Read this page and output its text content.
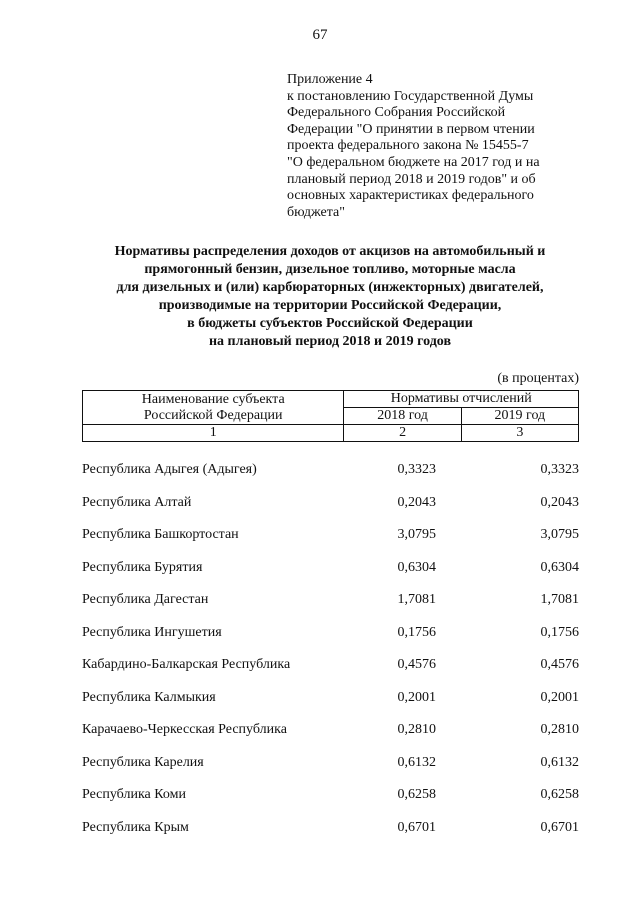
67
Приложение 4
к постановлению Государственной Думы
Федерального Собрания Российской
Федерации "О принятии в первом чтении
проекта федерального закона № 15455-7
"О федеральном бюджете на 2017 год и на
плановый период 2018 и 2019 годов" и об
основных характеристиках федерального
бюджета"
Нормативы распределения доходов от акцизов на автомобильный и
прямогонный бензин, дизельное топливо, моторные масла
для дизельных и (или) карбюраторных (инжекторных) двигателей,
производимые на территории Российской Федерации,
в бюджеты субъектов Российской Федерации
на плановый период 2018 и 2019 годов
(в процентах)
Наименование субъекта
Российской Федерации	Нормативы отчислений	
	2018 год	2019 год
1	2	3
Республика Адыгея (Адыгея)	0,3323	0,3323
Республика Алтай	0,2043	0,2043
Республика Башкортостан	3,0795	3,0795
Республика Бурятия	0,6304	0,6304
Республика Дагестан	1,7081	1,7081
Республика Ингушетия	0,1756	0,1756
Кабардино-Балкарская Республика	0,4576	0,4576
Республика Калмыкия	0,2001	0,2001
Карачаево-Черкесская Республика	0,2810	0,2810
Республика Карелия	0,6132	0,6132
Республика Коми	0,6258	0,6258
Республика Крым	0,6701	0,6701
